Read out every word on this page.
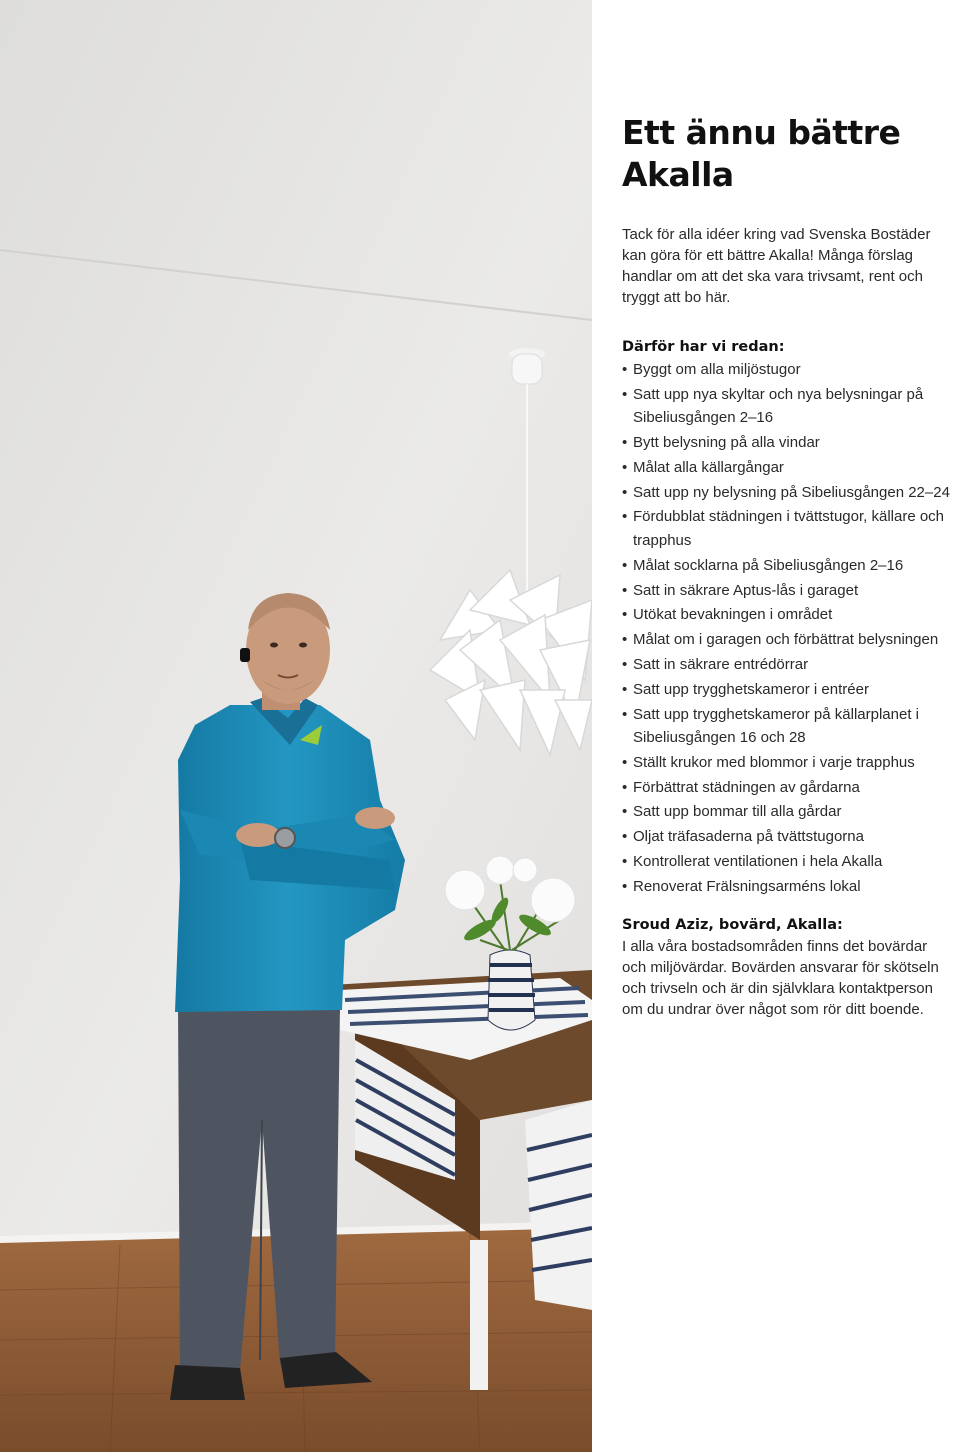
Ett ännu bättre
Akalla

Tack för alla idéer kring vad Svenska Bostäder kan göra för ett bättre Akalla! Många förslag handlar om att det ska vara trivsamt, rent och tryggt att bo här.

Därför har vi redan:
• Byggt om alla miljöstugor
• Satt upp nya skyltar och nya belysningar på Sibeliusgången 2–16
• Bytt belysning på alla vindar
• Målat alla källargångar
• Satt upp ny belysning på Sibeliusgången 22–24
• Fördubblat städningen i tvättstugor, källare och trapphus
• Målat socklarna på Sibeliusgången 2–16
• Satt in säkrare Aptus-lås i garaget
• Utökat bevakningen i området
• Målat om i garagen och förbättrat belysningen
• Satt in säkrare entrédörrar
• Satt upp trygghetskameror i entréer
• Satt upp trygghetskameror på källarplanet i Sibeliusgången 16 och 28
• Ställt krukor med blommor i varje trapphus
• Förbättrat städningen av gårdarna
• Satt upp bommar till alla gårdar
• Oljat träfasaderna på tvättstugorna
• Kontrollerat ventilationen i hela Akalla
• Renoverat Frälsningsarméns lokal
Sroud Aziz, bovärd, Akalla:

I alla våra bostadsområden finns det bovärdar och miljövärdar. Bovärden ansvarar för skötseln och trivseln och är din självklara kontaktperson om du undrar över något som rör ditt boende.
